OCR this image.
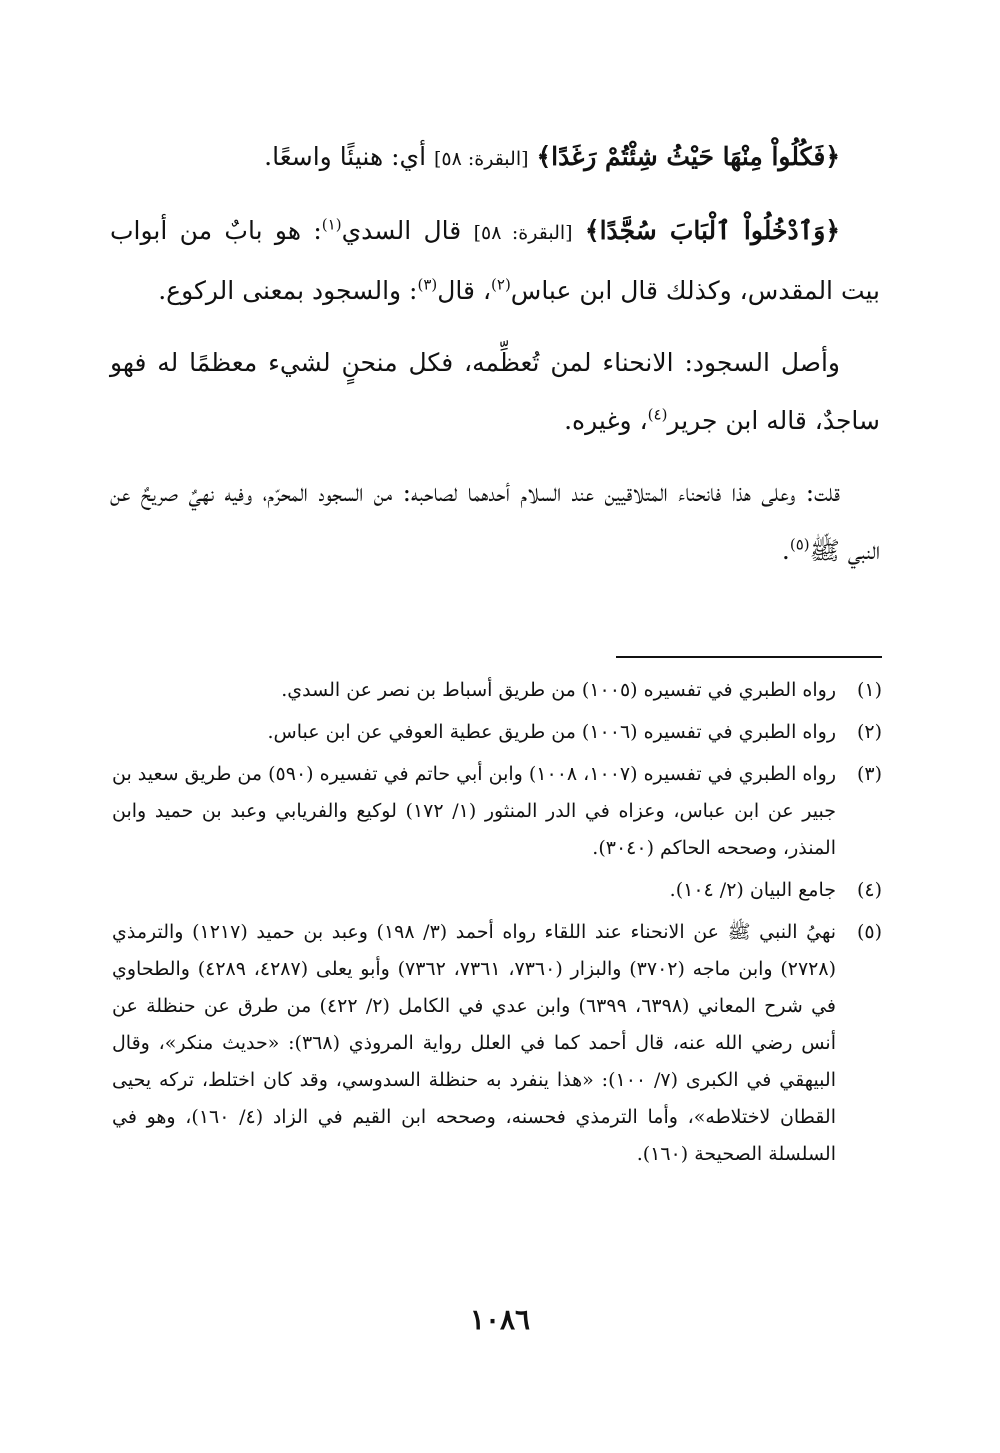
﴿فَكُلُواْ مِنْهَا حَيْثُ شِئْتُمْ رَغَدًا﴾ [البقرة: ٥٨] أي: هنيئًا واسعًا.

﴿وَٱدْخُلُواْ ٱلْبَابَ سُجَّدًا﴾ [البقرة: ٥٨] قال السدي$^{(١)}$: هو بابٌ من أبواب بيت المقدس، وكذلك قال ابن عباس$^{(٢)}$، قال$^{(٣)}$: والسجود بمعنى الركوع.

وأصل السجود: الانحناء لمن تُعظِّمه، فكل منحنٍ لشيء معظمًا له فهو ساجدٌ، قاله ابن جرير$^{(٤)}$، وغيره.

قلت: وعلى هذا فانحناء المتلاقيين عند السلام أحدهما لصاحبه: من السجود المحرّم، وفيه نهيٌ صريحٌ عن النبي ﷺ$^{(٥)}$.

(١)
رواه الطبري في تفسيره (١٠٠٥) من طريق أسباط بن نصر عن السدي.
(٢)
رواه الطبري في تفسيره (١٠٠٦) من طريق عطية العوفي عن ابن عباس.
(٣)
رواه الطبري في تفسيره (١٠٠٧، ١٠٠٨) وابن أبي حاتم في تفسيره (٥٩٠) من طريق سعيد بن جبير عن ابن عباس، وعزاه في الدر المنثور (١/ ١٧٢) لوكيع والفريابي وعبد بن حميد وابن المنذر، وصححه الحاكم (٣٠٤٠).
(٤)
جامع البيان (٢/ ١٠٤).
(٥)
نهيُ النبي ﷺ عن الانحناء عند اللقاء رواه أحمد (٣/ ١٩٨) وعبد بن حميد (١٢١٧) والترمذي (٢٧٢٨) وابن ماجه (٣٧٠٢) والبزار (٧٣٦٠، ٧٣٦١، ٧٣٦٢) وأبو يعلى (٤٢٨٧، ٤٢٨٩) والطحاوي في شرح المعاني (٦٣٩٨، ٦٣٩٩) وابن عدي في الكامل (٢/ ٤٢٢) من طرق عن حنظلة عن أنس رضي الله عنه، قال أحمد كما في العلل رواية المروذي (٣٦٨): «حديث منكر»، وقال البيهقي في الكبرى (٧/ ١٠٠): «هذا ينفرد به حنظلة السدوسي، وقد كان اختلط، تركه يحيى القطان لاختلاطه»، وأما الترمذي فحسنه، وصححه ابن القيم في الزاد (٤/ ١٦٠)، وهو في السلسلة الصحيحة (١٦٠).
١٠٨٦
